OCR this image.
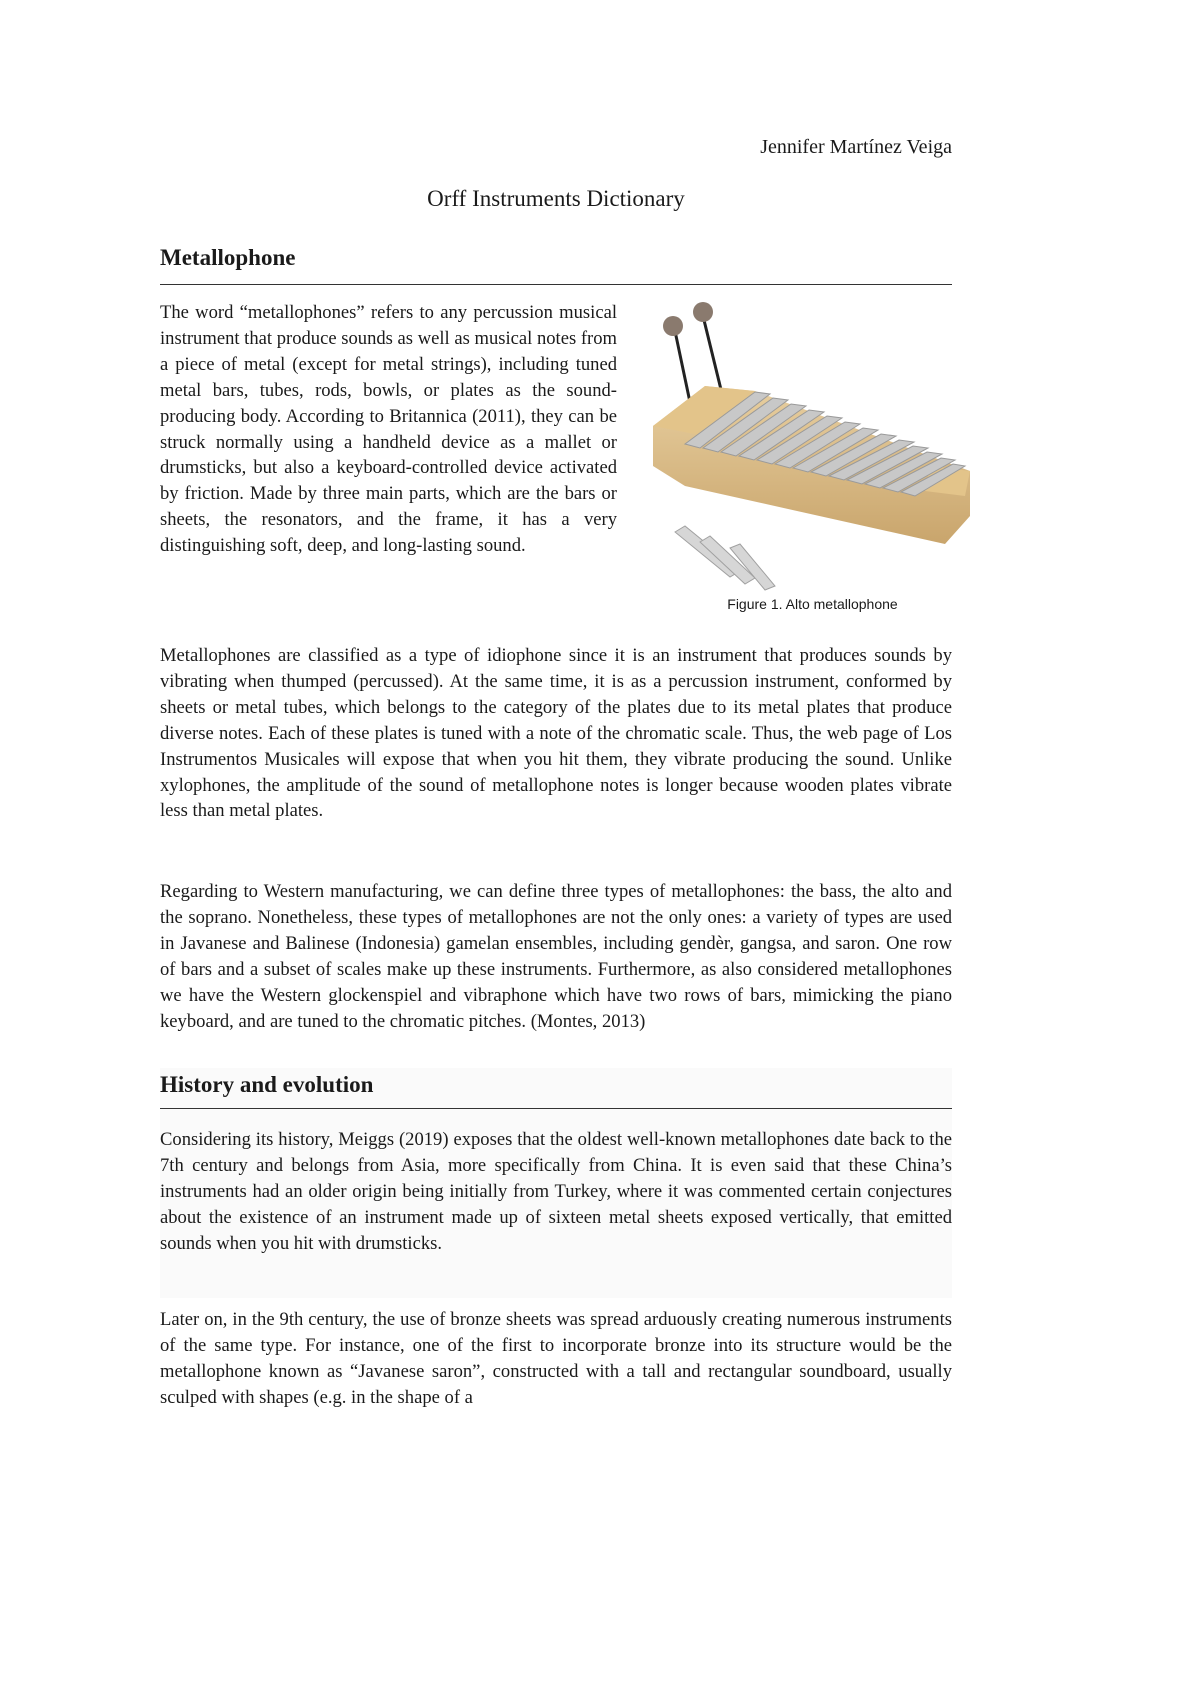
Jennifer Martínez Veiga
Orff Instruments Dictionary
Metallophone

The word “metallophones” refers to any percussion musical instrument that produce sounds as well as musical notes from a piece of metal (except for metal strings), including tuned metal bars, tubes, rods, bowls, or plates as the sound-producing body. According to Britannica (2011), they can be struck normally using a handheld device as a mallet or drumsticks, but also a keyboard-controlled device activated by friction. Made by three main parts, which are the bars or sheets, the resonators, and the frame, it has a very distinguishing soft, deep, and long-lasting sound.

Figure 1. Alto metallophone

Metallophones are classified as a type of idiophone since it is an instrument that produces sounds by vibrating when thumped (percussed). At the same time, it is as a percussion instrument, conformed by sheets or metal tubes, which belongs to the category of the plates due to its metal plates that produce diverse notes. Each of these plates is tuned with a note of the chromatic scale. Thus, the web page of Los Instrumentos Musicales will expose that when you hit them, they vibrate producing the sound. Unlike xylophones, the amplitude of the sound of metallophone notes is longer because wooden plates vibrate less than metal plates.

Regarding to Western manufacturing, we can define three types of metallophones: the bass, the alto and the soprano. Nonetheless, these types of metallophones are not the only ones: a variety of types are used in Javanese and Balinese (Indonesia) gamelan ensembles, including gendèr, gangsa, and saron. One row of bars and a subset of scales make up these instruments. Furthermore, as also considered metallophones we have the Western glockenspiel and vibraphone which have two rows of bars, mimicking the piano keyboard, and are tuned to the chromatic pitches. (Montes, 2013)

History and evolution

Considering its history, Meiggs (2019) exposes that the oldest well-known metallophones date back to the 7th century and belongs from Asia, more specifically from China. It is even said that these China’s instruments had an older origin being initially from Turkey, where it was commented certain conjectures about the existence of an instrument made up of sixteen metal sheets exposed vertically, that emitted sounds when you hit with drumsticks.

Later on, in the 9th century, the use of bronze sheets was spread arduously creating numerous instruments of the same type. For instance, one of the first to incorporate bronze into its structure would be the metallophone known as “Javanese saron”, constructed with a tall and rectangular soundboard, usually sculped with shapes (e.g. in the shape of a
